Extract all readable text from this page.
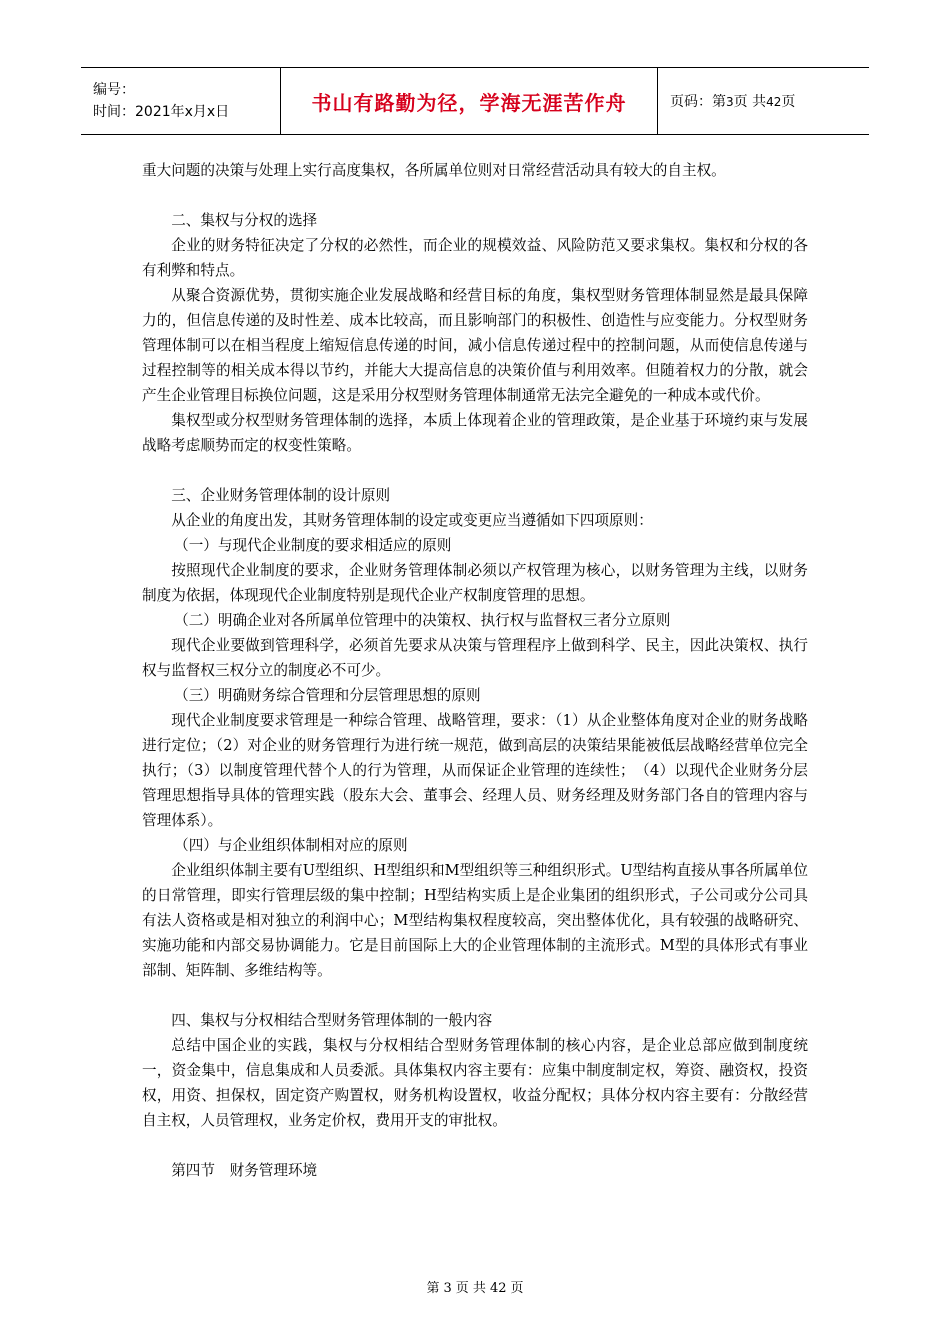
编号：
时间：2021年x月x日	书山有路勤为径，学海无涯苦作舟	页码：第3页 共42页

重大问题的决策与处理上实行高度集权，各所属单位则对日常经营活动具有较大的自主权。

二、集权与分权的选择

企业的财务特征决定了分权的必然性，而企业的规模效益、风险防范又要求集权。集权和分权的各有利弊和特点。

从聚合资源优势，贯彻实施企业发展战略和经营目标的角度，集权型财务管理体制显然是最具保障力的，但信息传递的及时性差、成本比较高，而且影响部门的积极性、创造性与应变能力。分权型财务管理体制可以在相当程度上缩短信息传递的时间，减小信息传递过程中的控制问题，从而使信息传递与过程控制等的相关成本得以节约，并能大大提高信息的决策价值与利用效率。但随着权力的分散，就会产生企业管理目标换位问题，这是采用分权型财务管理体制通常无法完全避免的一种成本或代价。

集权型或分权型财务管理体制的选择，本质上体现着企业的管理政策，是企业基于环境约束与发展战略考虑顺势而定的权变性策略。

三、企业财务管理体制的设计原则

从企业的角度出发，其财务管理体制的设定或变更应当遵循如下四项原则：

（一）与现代企业制度的要求相适应的原则

按照现代企业制度的要求，企业财务管理体制必须以产权管理为核心，以财务管理为主线，以财务制度为依据，体现现代企业制度特别是现代企业产权制度管理的思想。

（二）明确企业对各所属单位管理中的决策权、执行权与监督权三者分立原则

现代企业要做到管理科学，必须首先要求从决策与管理程序上做到科学、民主，因此决策权、执行权与监督权三权分立的制度必不可少。

（三）明确财务综合管理和分层管理思想的原则

现代企业制度要求管理是一种综合管理、战略管理，要求：（1）从企业整体角度对企业的财务战略进行定位；（2）对企业的财务管理行为进行统一规范，做到高层的决策结果能被低层战略经营单位完全执行；（3）以制度管理代替个人的行为管理，从而保证企业管理的连续性；　（4）以现代企业财务分层管理思想指导具体的管理实践（股东大会、董事会、经理人员、财务经理及财务部门各自的管理内容与管理体系）。

（四）与企业组织体制相对应的原则

企业组织体制主要有U型组织、H型组织和M型组织等三种组织形式。U型结构直接从事各所属单位的日常管理，即实行管理层级的集中控制；H型结构实质上是企业集团的组织形式，子公司或分公司具有法人资格或是相对独立的利润中心；M型结构集权程度较高，突出整体优化，具有较强的战略研究、实施功能和内部交易协调能力。它是目前国际上大的企业管理体制的主流形式。M型的具体形式有事业部制、矩阵制、多维结构等。

四、集权与分权相结合型财务管理体制的一般内容

总结中国企业的实践，集权与分权相结合型财务管理体制的核心内容，是企业总部应做到制度统一，资金集中，信息集成和人员委派。具体集权内容主要有：应集中制度制定权，筹资、融资权，投资权，用资、担保权，固定资产购置权，财务机构设置权，收益分配权；具体分权内容主要有：分散经营自主权，人员管理权，业务定价权，费用开支的审批权。

第四节　财务管理环境

第 3 页 共 42 页
